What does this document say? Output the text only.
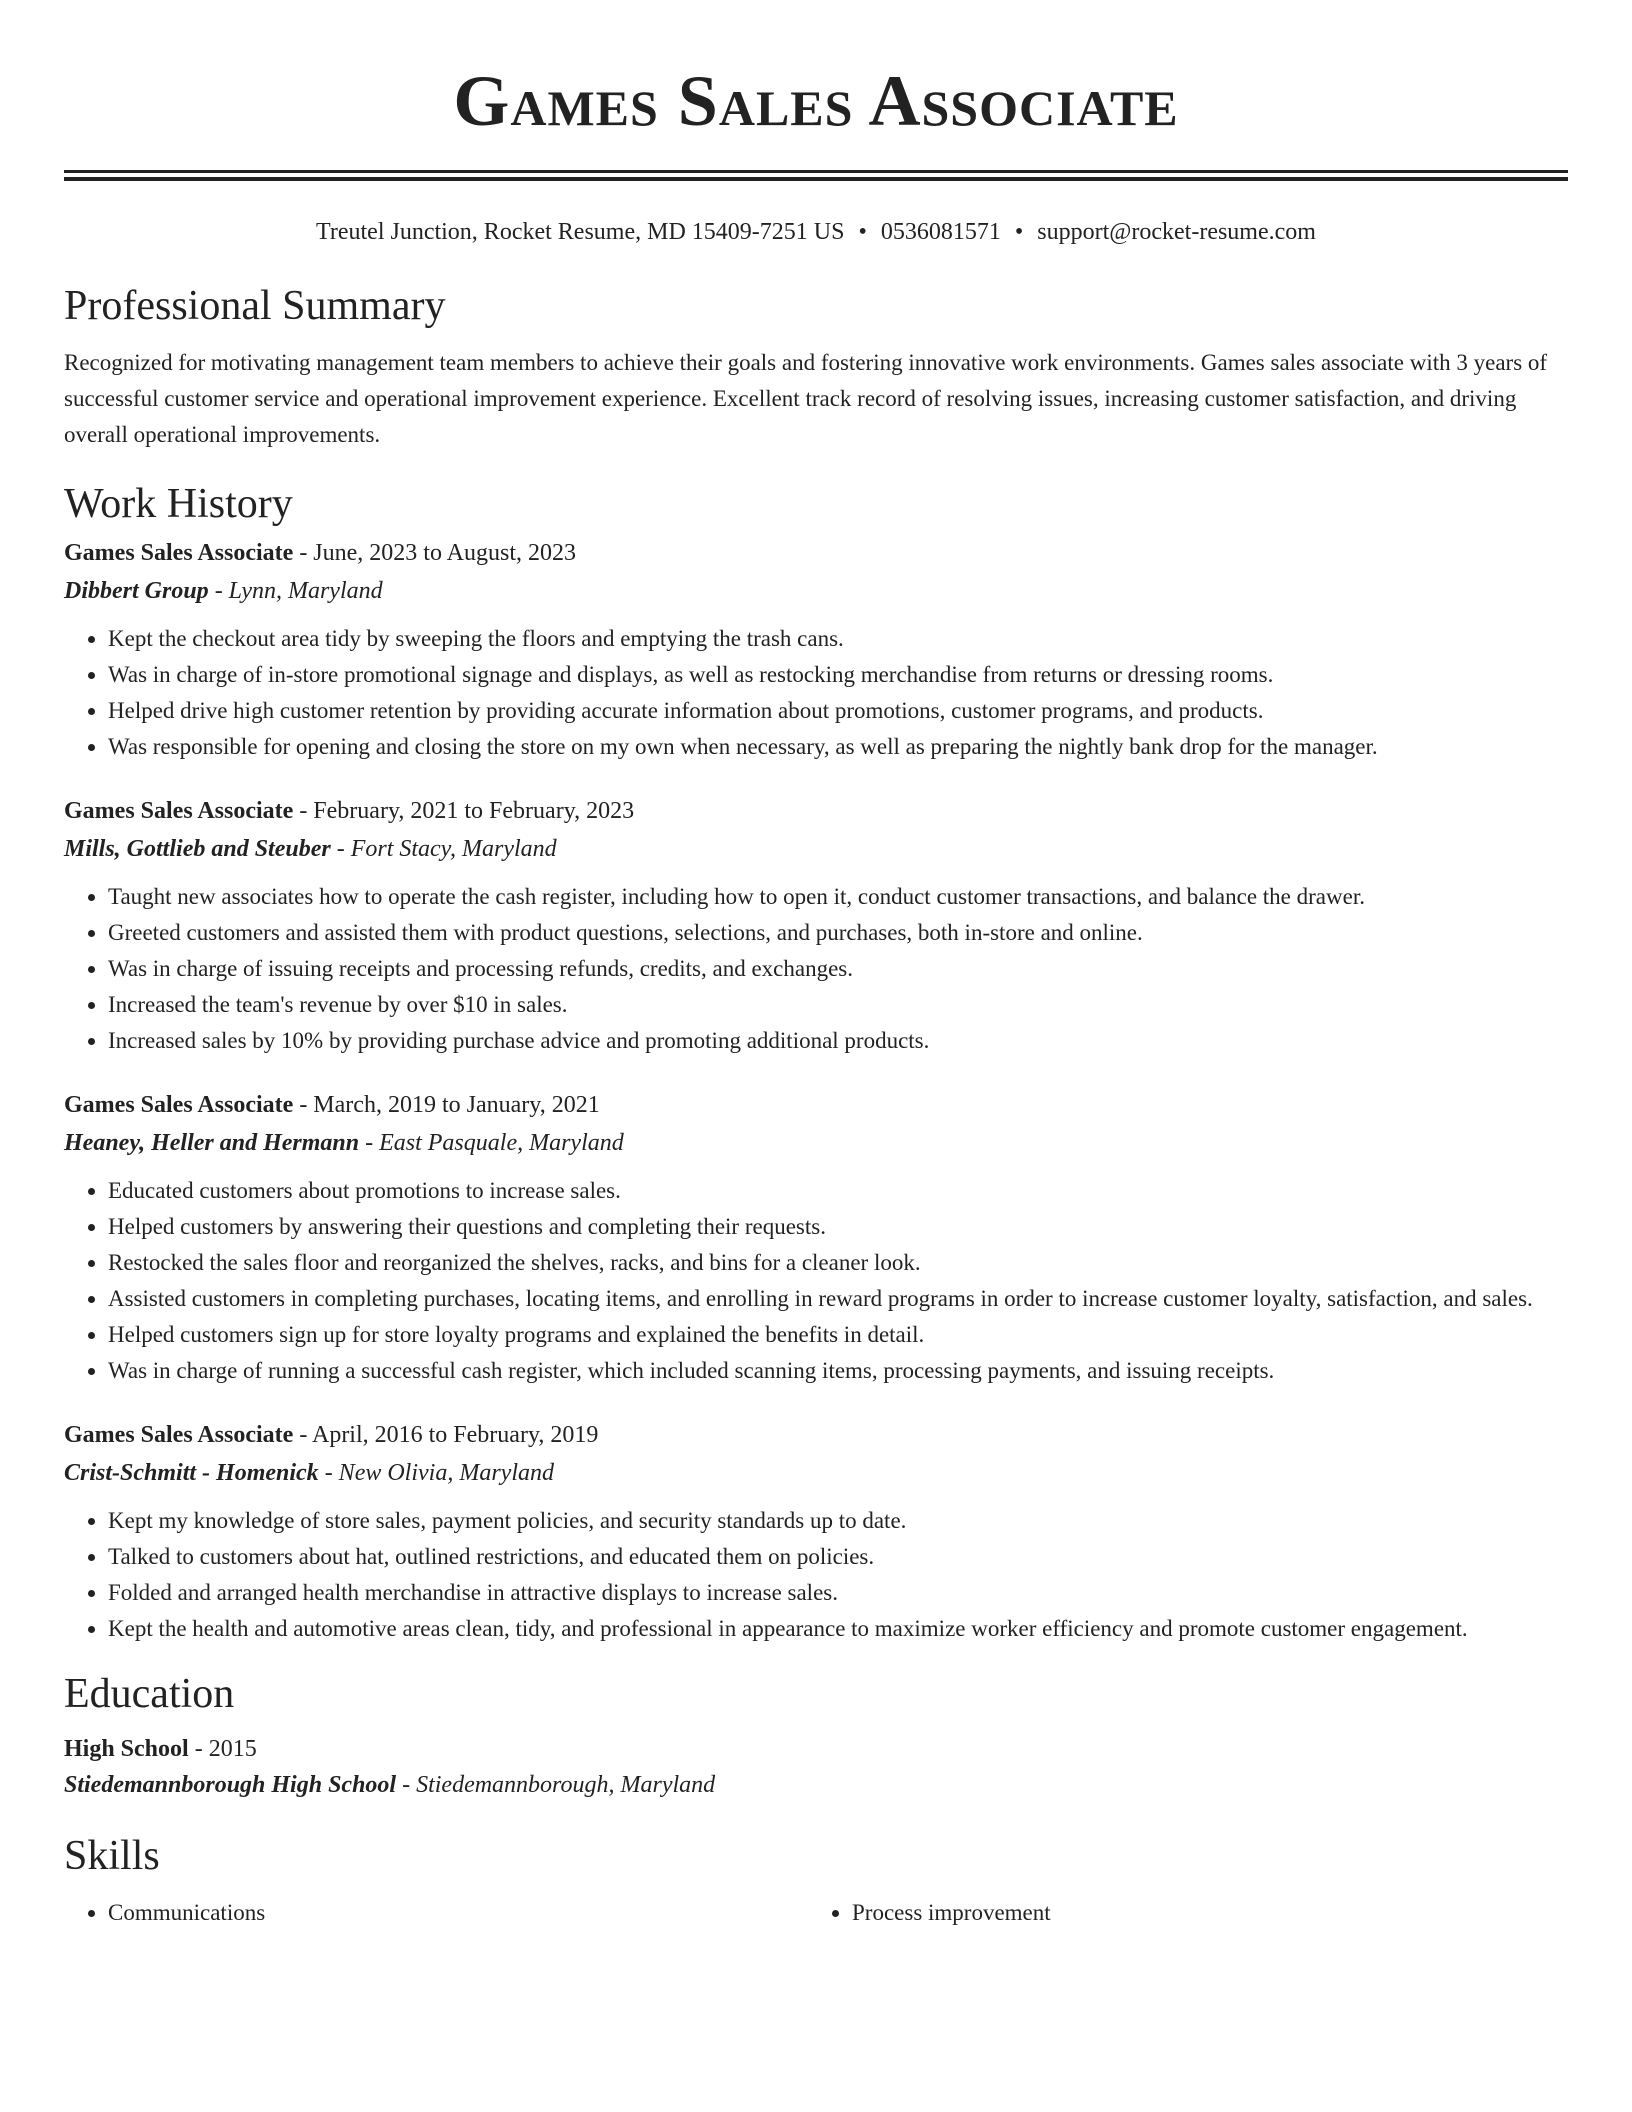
Games Sales Associate
Treutel Junction, Rocket Resume, MD 15409-7251 US • 0536081571 • support@rocket-resume.com
Professional Summary

Recognized for motivating management team members to achieve their goals and fostering innovative work environments. Games sales associate with 3 years of successful customer service and operational improvement experience. Excellent track record of resolving issues, increasing customer satisfaction, and driving overall operational improvements.

Work History

Games Sales Associate - June, 2023 to August, 2023

Dibbert Group - Lynn, Maryland

• Kept the checkout area tidy by sweeping the floors and emptying the trash cans.
• Was in charge of in-store promotional signage and displays, as well as restocking merchandise from returns or dressing rooms.
• Helped drive high customer retention by providing accurate information about promotions, customer programs, and products.
• Was responsible for opening and closing the store on my own when necessary, as well as preparing the nightly bank drop for the manager.

Games Sales Associate - February, 2021 to February, 2023

Mills, Gottlieb and Steuber - Fort Stacy, Maryland

• Taught new associates how to operate the cash register, including how to open it, conduct customer transactions, and balance the drawer.
• Greeted customers and assisted them with product questions, selections, and purchases, both in-store and online.
• Was in charge of issuing receipts and processing refunds, credits, and exchanges.
• Increased the team's revenue by over $10 in sales.
• Increased sales by 10% by providing purchase advice and promoting additional products.

Games Sales Associate - March, 2019 to January, 2021

Heaney, Heller and Hermann - East Pasquale, Maryland

• Educated customers about promotions to increase sales.
• Helped customers by answering their questions and completing their requests.
• Restocked the sales floor and reorganized the shelves, racks, and bins for a cleaner look.
• Assisted customers in completing purchases, locating items, and enrolling in reward programs in order to increase customer loyalty, satisfaction, and sales.
• Helped customers sign up for store loyalty programs and explained the benefits in detail.
• Was in charge of running a successful cash register, which included scanning items, processing payments, and issuing receipts.

Games Sales Associate - April, 2016 to February, 2019

Crist-Schmitt - Homenick - New Olivia, Maryland

• Kept my knowledge of store sales, payment policies, and security standards up to date.
• Talked to customers about hat, outlined restrictions, and educated them on policies.
• Folded and arranged health merchandise in attractive displays to increase sales.
• Kept the health and automotive areas clean, tidy, and professional in appearance to maximize worker efficiency and promote customer engagement.
Education

High School - 2015

Stiedemannborough High School - Stiedemannborough, Maryland

Skills
• Communications
•	Process improvement
